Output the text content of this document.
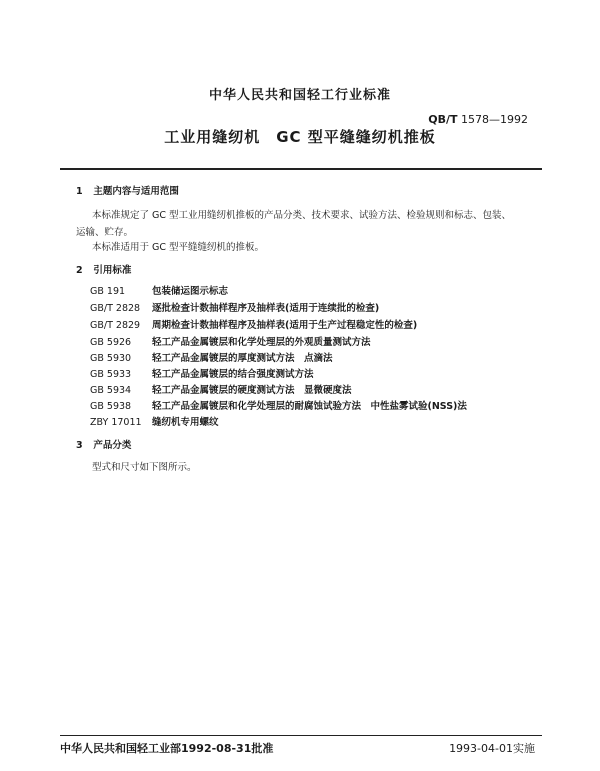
中华人民共和国轻工行业标准
QB/T 1578—1992
工业用缝纫机　GC 型平缝缝纫机推板
1 主题内容与适用范围
本标准规定了 GC 型工业用缝纫机推板的产品分类、技术要求、试验方法、检验规则和标志、包装、
运输、贮存。
本标准适用于 GC 型平缝缝纫机的推板。
2 引用标准
GB 191	包装储运图示标志
GB/T 2828 逐批检查计数抽样程序及抽样表(适用于连续批的检查)
GB/T 2829 周期检查计数抽样程序及抽样表(适用于生产过程稳定性的检查)
GB 5926 轻工产品金属镀层和化学处理层的外观质量测试方法
GB 5930 轻工产品金属镀层的厚度测试方法　点滴法
GB 5933 轻工产品金属镀层的结合强度测试方法
GB 5934 轻工产品金属镀层的硬度测试方法　显微硬度法
GB 5938 轻工产品金属镀层和化学处理层的耐腐蚀试验方法　中性盐雾试验(NSS)法
ZBY 17011 缝纫机专用螺纹
3 产品分类
型式和尺寸如下图所示。
中华人民共和国轻工业部1992-08-31批准	1993-04-01实施
